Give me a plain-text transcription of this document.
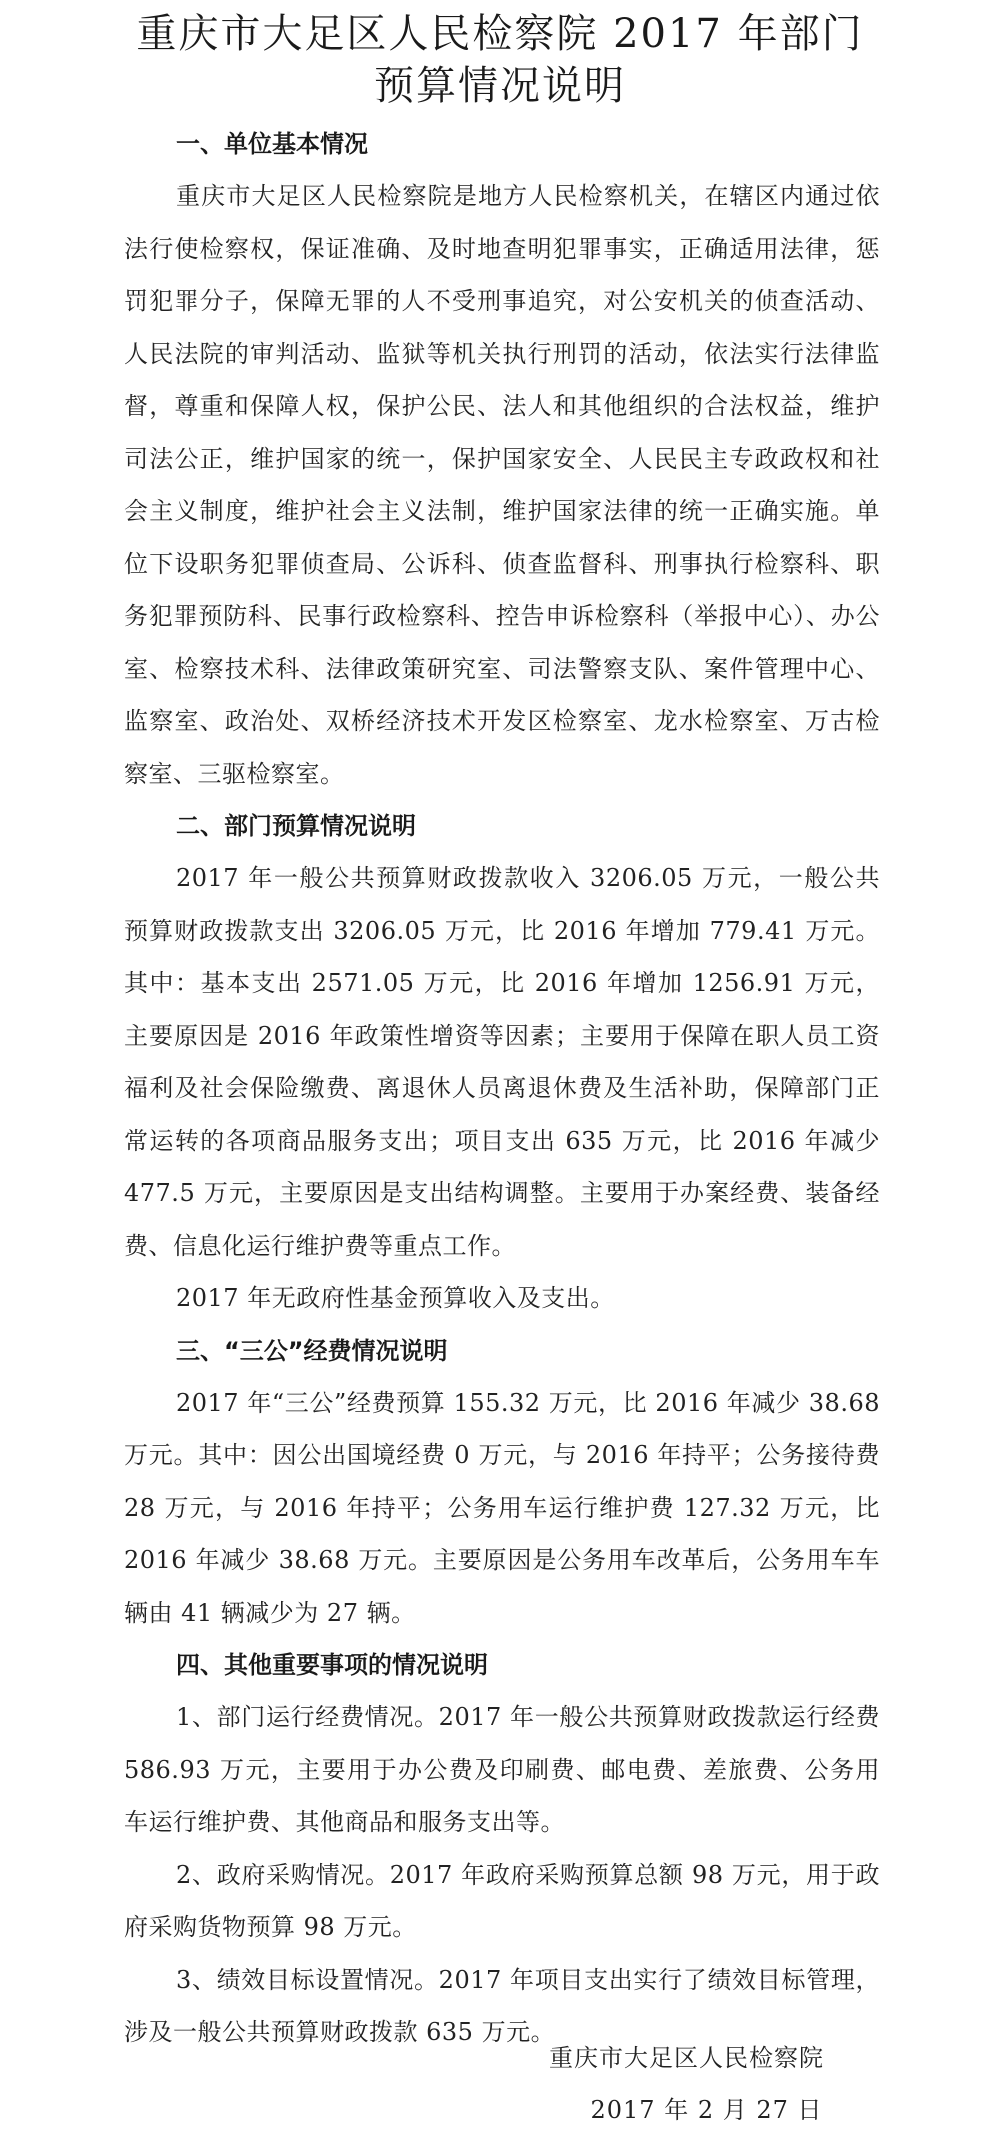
重庆市大足区人民检察院 2017 年部门
预算情况说明
一、单位基本情况

重庆市大足区人民检察院是地方人民检察机关，在辖区内通过依法行使检察权，保证准确、及时地查明犯罪事实，正确适用法律，惩罚犯罪分子，保障无罪的人不受刑事追究，对公安机关的侦查活动、人民法院的审判活动、监狱等机关执行刑罚的活动，依法实行法律监督，尊重和保障人权，保护公民、法人和其他组织的合法权益，维护司法公正，维护国家的统一，保护国家安全、人民民主专政政权和社会主义制度，维护社会主义法制，维护国家法律的统一正确实施。单位下设职务犯罪侦查局、公诉科、侦查监督科、刑事执行检察科、职务犯罪预防科、民事行政检察科、控告申诉检察科（举报中心）、办公室、检察技术科、法律政策研究室、司法警察支队、案件管理中心、监察室、政治处、双桥经济技术开发区检察室、龙水检察室、万古检察室、三驱检察室。

二、部门预算情况说明

2017 年一般公共预算财政拨款收入 3206.05 万元，一般公共预算财政拨款支出 3206.05 万元，比 2016 年增加 779.41 万元。其中：基本支出 2571.05 万元，比 2016 年增加 1256.91 万元，主要原因是 2016 年政策性增资等因素；主要用于保障在职人员工资福利及社会保险缴费、离退休人员离退休费及生活补助，保障部门正常运转的各项商品服务支出；项目支出 635 万元，比 2016 年减少 477.5 万元，主要原因是支出结构调整。主要用于办案经费、装备经费、信息化运行维护费等重点工作。

2017 年无政府性基金预算收入及支出。

三、“三公”经费情况说明

2017 年“三公”经费预算 155.32 万元，比 2016 年减少 38.68 万元。其中：因公出国境经费 0 万元，与 2016 年持平；公务接待费 28 万元，与 2016 年持平；公务用车运行维护费 127.32 万元，比 2016 年减少 38.68 万元。主要原因是公务用车改革后，公务用车车辆由 41 辆减少为 27 辆。

四、其他重要事项的情况说明

1、部门运行经费情况。2017 年一般公共预算财政拨款运行经费 586.93 万元，主要用于办公费及印刷费、邮电费、差旅费、公务用车运行维护费、其他商品和服务支出等。

2、政府采购情况。2017 年政府采购预算总额 98 万元，用于政府采购货物预算 98 万元。

3、绩效目标设置情况。2017 年项目支出实行了绩效目标管理，涉及一般公共预算财政拨款 635 万元。

重庆市大足区人民检察院
2017 年 2 月 27 日
